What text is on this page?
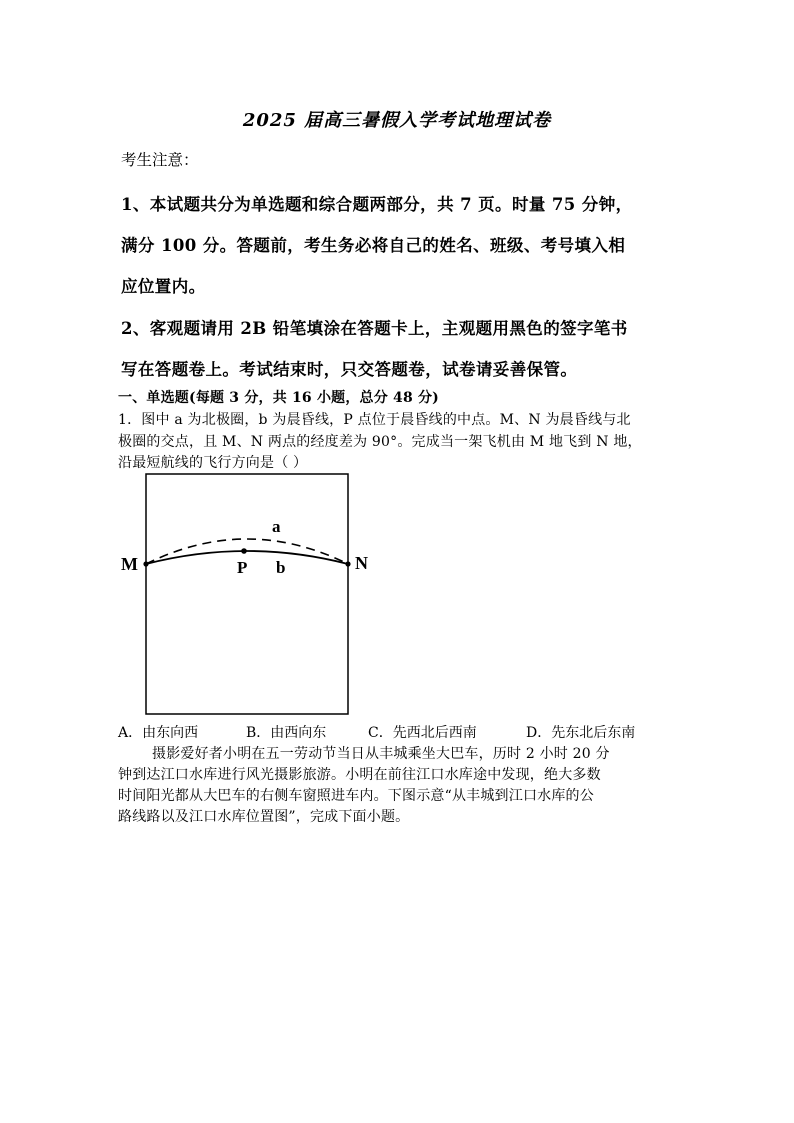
2025 届高三暑假入学考试地理试卷
考生注意：
1、本试题共分为单选题和综合题两部分，共 7 页。时量 75 分钟，
满分 100 分。答题前，考生务必将自己的姓名、班级、考号填入相
应位置内。
2、客观题请用 2B 铅笔填涂在答题卡上，主观题用黑色的签字笔书
写在答题卷上。考试结束时，只交答题卷，试卷请妥善保管。
一、单选题(每题 3 分，共 16 小题，总分 48 分)
1．图中 a 为北极圈，b 为晨昏线，P 点位于晨昏线的中点。M、N 为晨昏线与北
极圈的交点，且 M、N 两点的经度差为 90°。完成当一架飞机由 M 地飞到 N 地，
沿最短航线的飞行方向是（ ）
a
b
P
M	N
A．由东向西	B．由西向东	C．先西北后西南	D．先东北后东南
摄影爱好者小明在五一劳动节当日从丰城乘坐大巴车，历时 2 小时 20 分
钟到达江口水库进行风光摄影旅游。小明在前往江口水库途中发现，绝大多数
时间阳光都从大巴车的右侧车窗照进车内。下图示意“从丰城到江口水库的公
路线路以及江口水库位置图”，完成下面小题。
